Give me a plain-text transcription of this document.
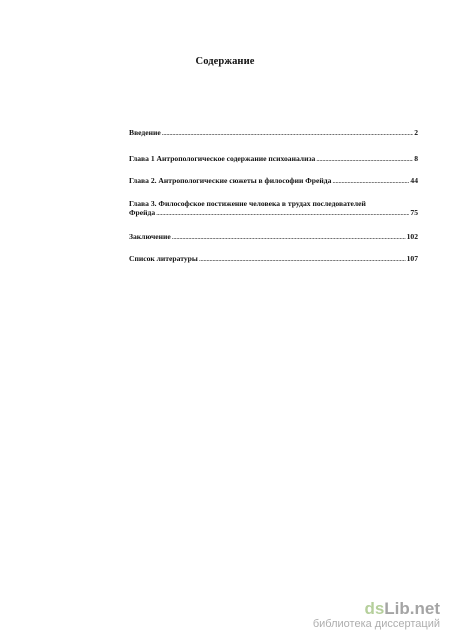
Содержание
Введение .....	2
Глава 1 Антропологическое содержание психоанализа .....	8
Глава 2. Антропологические сюжеты в философии Фрейда .....	44
Глава 3. Философское постижение человека в трудах последователей
Фрейда .....	75
Заключение .....	102
Список литературы .....	107
dsLib.net
библиотека диссертаций
